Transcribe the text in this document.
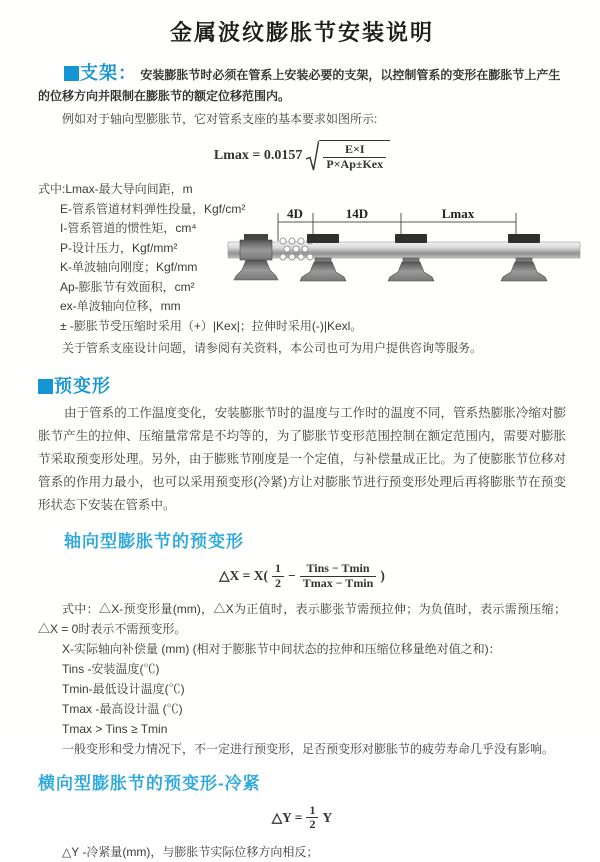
金属波纹膨胀节安装说明

支架： 安装膨胀节时必须在管系上安装必要的支架，以控制管系的变形在膨胀节上产生的位移方向并限制在膨胀节的额定位移范围内。

例如对于轴向型膨胀节，它对管系支座的基本要求如图所示:

$Lmax = 0.0157 \frac{E\times I}{\text{P×Ap±Kex}}$
式中:Lmax-最大导向间距，m
E-管系管道材料弹性投量，Kgf/cm²
I-管系管道的惯性矩，cm⁴
P-设计压力，Kgf/mm²
K-单波轴向刚度；Kgf/mm
Ap-膨胀节有效面积，cm²
ex-单波轴向位移，mm
± -膨胀节受压缩时采用（+）|Kex|；拉伸时采用(-)|Kexl。
关于管系支座设计问题，请参阅有关资料，本公司也可为用户提供咨询等服务。
4D	14D	Lmax
预变形

由于管系的工作温度变化，安装膨胀节时的温度与工作时的温度不同，管系热膨胀冷缩对膨胀节产生的拉伸、压缩量常常是不均等的，为了膨胀节变形范围控制在额定范围内，需要对膨胀节采取预变形处理。另外，由于膨账节刚度是一个定值，与补偿量成正比。为了使膨胀节位移对管系的作用力最小，也可以采用预变形(冷紧)方让对膨胀节进行预变形处理后再将膨胀节在预变形状态下安装在管系中。

轴向型膨胀节的预变形
△X = $X( \frac{1}{2} - \frac{\text{Tins − Tmin}}{Tmax - Tmin}$ )
式中：△X-预变形量(mm)，△X为正值时，表示膨张节需预拉伸；为负值时，表示需预压缩；△X = 0时表示不需预变形。
X-实际轴向补偿量 (mm) (相对于膨胀节中间状态的拉伸和压缩位移量绝对值之和)：
Tins -安装温度(℃)
Tmin-最低设计温度(℃)
Tmax -最高设计温 (℃)
Tmax > Tins ≥ Tmin
一般变形和受力情况下，不一定进行预变形，足否预变形对膨胀节的疲劳寿命几乎没有影响。
横向型膨胀节的预变形-冷紧
△Y = $\frac{1}{2}$ Y
△Y -冷紧量(mm)，与膨胀节实际位移方向相反；
